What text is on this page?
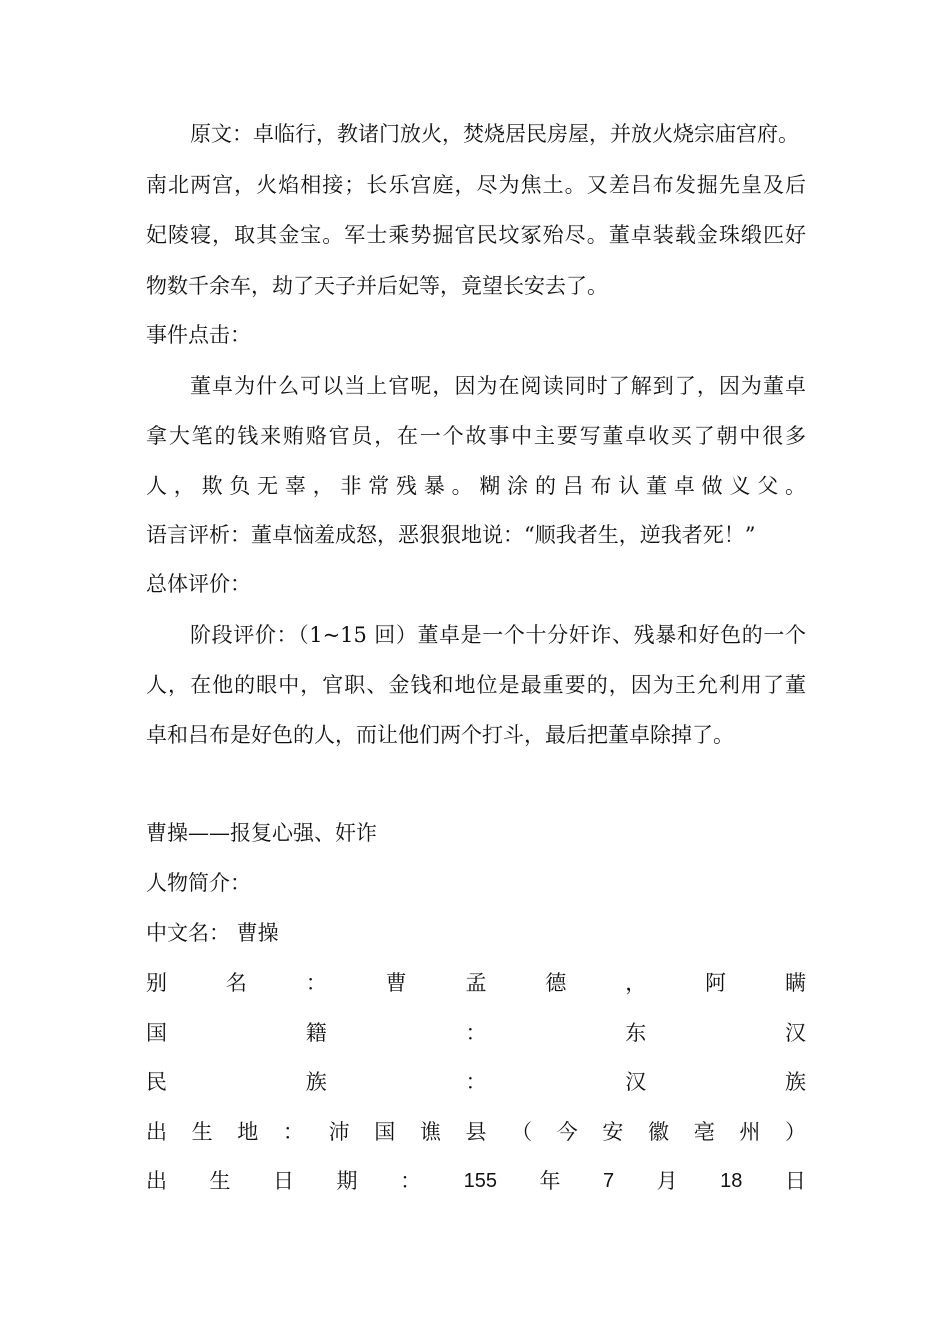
原文：卓临行，教诸门放火，焚烧居民房屋，并放火烧宗庙宫府。
南北两宫，火焰相接；长乐宫庭，尽为焦土。又差吕布发掘先皇及后
妃陵寝，取其金宝。军士乘势掘官民坟冢殆尽。董卓装载金珠缎匹好
物数千余车，劫了天子并后妃等，竟望长安去了。
事件点击：
董卓为什么可以当上官呢，因为在阅读同时了解到了，因为董卓
拿大笔的钱来贿赂官员，在一个故事中主要写董卓收买了朝中很多
人，欺负无辜，非常残暴。糊涂的吕布认董卓做义父。
语言评析：董卓恼羞成怒，恶狠狠地说：“顺我者生，逆我者死！”
总体评价：
阶段评价：（1~15 回）董卓是一个十分奸诈、残暴和好色的一个
人，在他的眼中，官职、金钱和地位是最重要的，因为王允利用了董
卓和吕布是好色的人，而让他们两个打斗，最后把董卓除掉了。
曹操——报复心强、奸诈
人物简介：
中文名： 曹操
别	名	：	曹	孟	德	，	阿	瞒
国	籍	：	东	汉
民	族	：	汉	族
出 生 地 ： 沛 国 谯 县 （ 今 安 徽 亳 州 ）
出 生 日 期 ： 155 年 7 月 18 日
